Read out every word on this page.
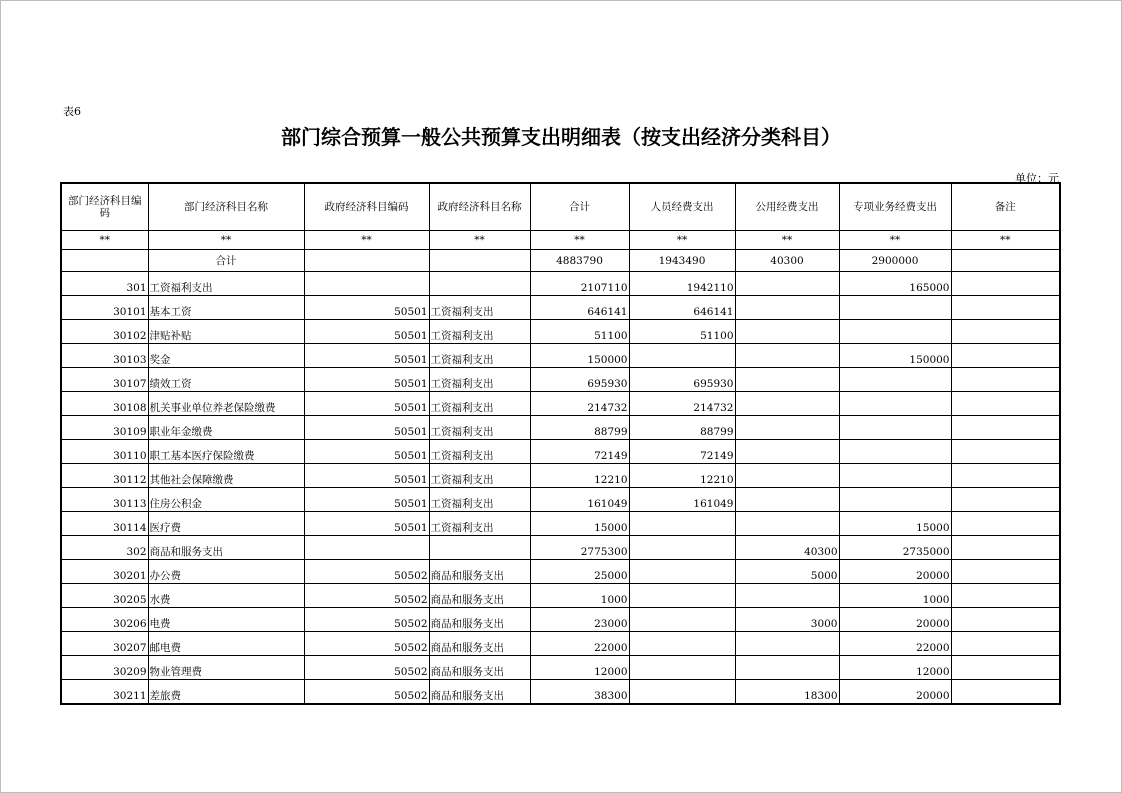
表6
部门综合预算一般公共预算支出明细表（按支出经济分类科目）
单位：元
部门经济科目编码	部门经济科目名称	政府经济科目编码	政府经济科目名称	合计	人员经费支出	公用经费支出	专项业务经费支出	备注
**	**	**	**	**	**	**	**	**
	合计			4883790	1943490	40300	2900000	
301	工资福利支出			2107110	1942110		165000	
30101	基本工资	50501	工资福利支出	646141	646141			
30102	津贴补贴	50501	工资福利支出	51100	51100			
30103	奖金	50501	工资福利支出	150000			150000	
30107	绩效工资	50501	工资福利支出	695930	695930			
30108	机关事业单位养老保险缴费	50501	工资福利支出	214732	214732			
30109	职业年金缴费	50501	工资福利支出	88799	88799			
30110	职工基本医疗保险缴费	50501	工资福利支出	72149	72149			
30112	其他社会保障缴费	50501	工资福利支出	12210	12210			
30113	住房公积金	50501	工资福利支出	161049	161049			
30114	医疗费	50501	工资福利支出	15000			15000	
302	商品和服务支出			2775300		40300	2735000	
30201	办公费	50502	商品和服务支出	25000		5000	20000	
30205	水费	50502	商品和服务支出	1000			1000	
30206	电费	50502	商品和服务支出	23000		3000	20000	
30207	邮电费	50502	商品和服务支出	22000			22000	
30209	物业管理费	50502	商品和服务支出	12000			12000	
30211	差旅费	50502	商品和服务支出	38300		18300	20000	
